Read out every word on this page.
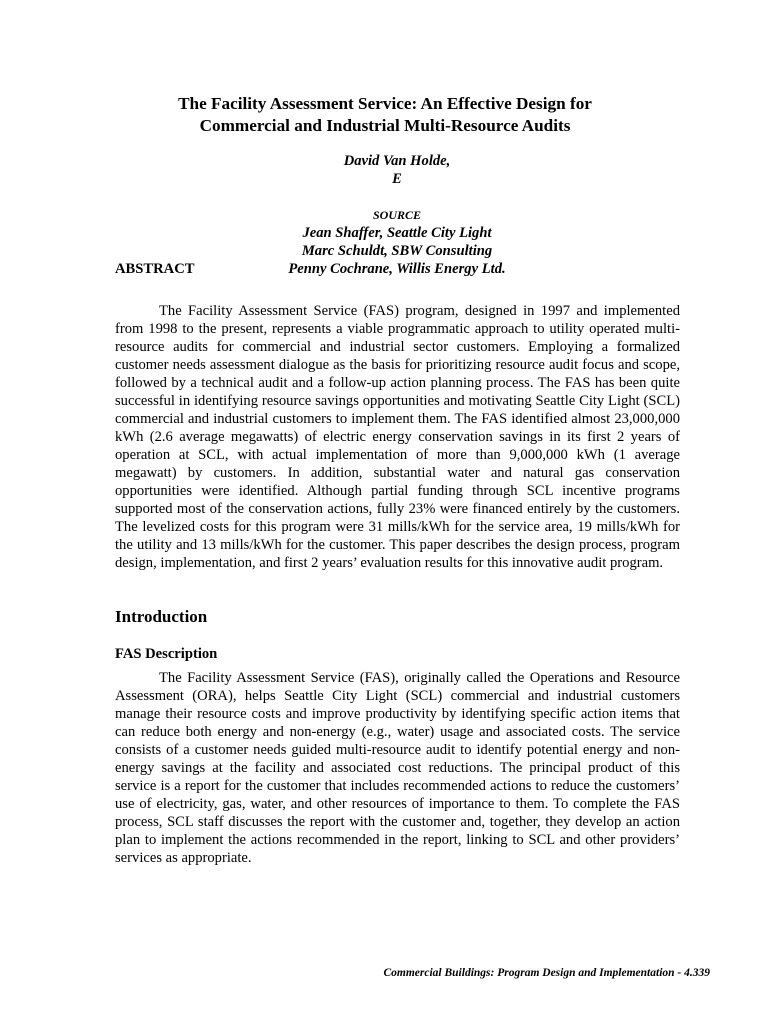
The Facility Assessment Service: An Effective Design for
Commercial and Industrial Multi-Resource Audits
David Van Holde,
E

SOURCE
Jean Shaffer, Seattle City Light
Marc Schuldt, SBW Consulting
Penny Cochrane, Willis Energy Ltd.
ABSTRACT

The Facility Assessment Service (FAS) program, designed in 1997 and implemented from 1998 to the present, represents a viable programmatic approach to utility operated multi-resource audits for commercial and industrial sector customers. Employing a formalized customer needs assessment dialogue as the basis for prioritizing resource audit focus and scope, followed by a technical audit and a follow-up action planning process. The FAS has been quite successful in identifying resource savings opportunities and motivating Seattle City Light (SCL) commercial and industrial customers to implement them. The FAS identified almost 23,000,000 kWh (2.6 average megawatts) of electric energy conservation savings in its first 2 years of operation at SCL, with actual implementation of more than 9,000,000 kWh (1 average megawatt) by customers. In addition, substantial water and natural gas conservation opportunities were identified. Although partial funding through SCL incentive programs supported most of the conservation actions, fully 23% were financed entirely by the customers. The levelized costs for this program were 31 mills/kWh for the service area, 19 mills/kWh for the utility and 13 mills/kWh for the customer. This paper describes the design process, program design, implementation, and first 2 years’ evaluation results for this innovative audit program.

Introduction
FAS Description

The Facility Assessment Service (FAS), originally called the Operations and Resource Assessment (ORA), helps Seattle City Light (SCL) commercial and industrial customers manage their resource costs and improve productivity by identifying specific action items that can reduce both energy and non-energy (e.g., water) usage and associated costs. The service consists of a customer needs guided multi-resource audit to identify potential energy and non-energy savings at the facility and associated cost reductions. The principal product of this service is a report for the customer that includes recommended actions to reduce the customers’ use of electricity, gas, water, and other resources of importance to them. To complete the FAS process, SCL staff discusses the report with the customer and, together, they develop an action plan to implement the actions recommended in the report, linking to SCL and other providers’ services as appropriate.

Commercial Buildings: Program Design and Implementation - 4.339
